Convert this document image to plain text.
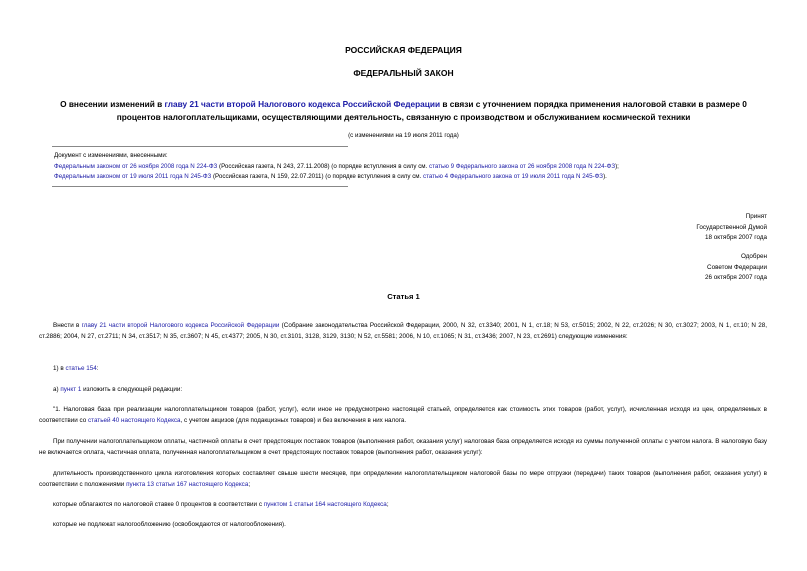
РОССИЙСКАЯ ФЕДЕРАЦИЯ
ФЕДЕРАЛЬНЫЙ ЗАКОН
О внесении изменений в главу 21 части второй Налогового кодекса Российской Федерации в связи с уточнением порядка применения налоговой ставки в размере 0 процентов налогоплательщиками, осуществляющими деятельность, связанную с производством и обслуживанием космической техники
(с изменениями на 19 июля 2011 года)
Документ с изменениями, внесенными:
Федеральным законом от 26 ноября 2008 года N 224-ФЗ (Российская газета, N 243, 27.11.2008) (о порядке вступления в силу см. статью 9 Федерального закона от 26 ноября 2008 года N 224-ФЗ);
Федеральным законом от 19 июля 2011 года N 245-ФЗ (Российская газета, N 159, 22.07.2011) (о порядке вступления в силу см. статью 4 Федерального закона от 19 июля 2011 года N 245-ФЗ).
Принят
Государственной Думой
18 октября 2007 года
Одобрен
Советом Федерации
26 октября 2007 года
Статья 1
Внести в главу 21 части второй Налогового кодекса Российской Федерации (Собрание законодательства Российской Федерации, 2000, N 32, ст.3340; 2001, N 1, ст.18; N 53, ст.5015; 2002, N 22, ст.2026; N 30, ст.3027; 2003, N 1, ст.10; N 28, ст.2886; 2004, N 27, ст.2711; N 34, ст.3517; N 35, ст.3607; N 45, ст.4377; 2005, N 30, ст.3101, 3128, 3129, 3130; N 52, ст.5581; 2006, N 10, ст.1065; N 31, ст.3436; 2007, N 23, ст.2691) следующие изменения:
1) в статье 154:
а) пункт 1 изложить в следующей редакции:
"1. Налоговая база при реализации налогоплательщиком товаров (работ, услуг), если иное не предусмотрено настоящей статьей, определяется как стоимость этих товаров (работ, услуг), исчисленная исходя из цен, определяемых в соответствии со статьей 40 настоящего Кодекса, с учетом акцизов (для подакцизных товаров) и без включения в них налога.
При получении налогоплательщиком оплаты, частичной оплаты в счет предстоящих поставок товаров (выполнения работ, оказания услуг) налоговая база определяется исходя из суммы полученной оплаты с учетом налога. В налоговую базу не включается оплата, частичная оплата, полученная налогоплательщиком в счет предстоящих поставок товаров (выполнения работ, оказания услуг):
длительность производственного цикла изготовления которых составляет свыше шести месяцев, при определении налогоплательщиком налоговой базы по мере отгрузки (передачи) таких товаров (выполнения работ, оказания услуг) в соответствии с положениями пункта 13 статьи 167 настоящего Кодекса;
которые облагаются по налоговой ставке 0 процентов в соответствии с пунктом 1 статьи 164 настоящего Кодекса;
которые не подлежат налогообложению (освобождаются от налогообложения).
